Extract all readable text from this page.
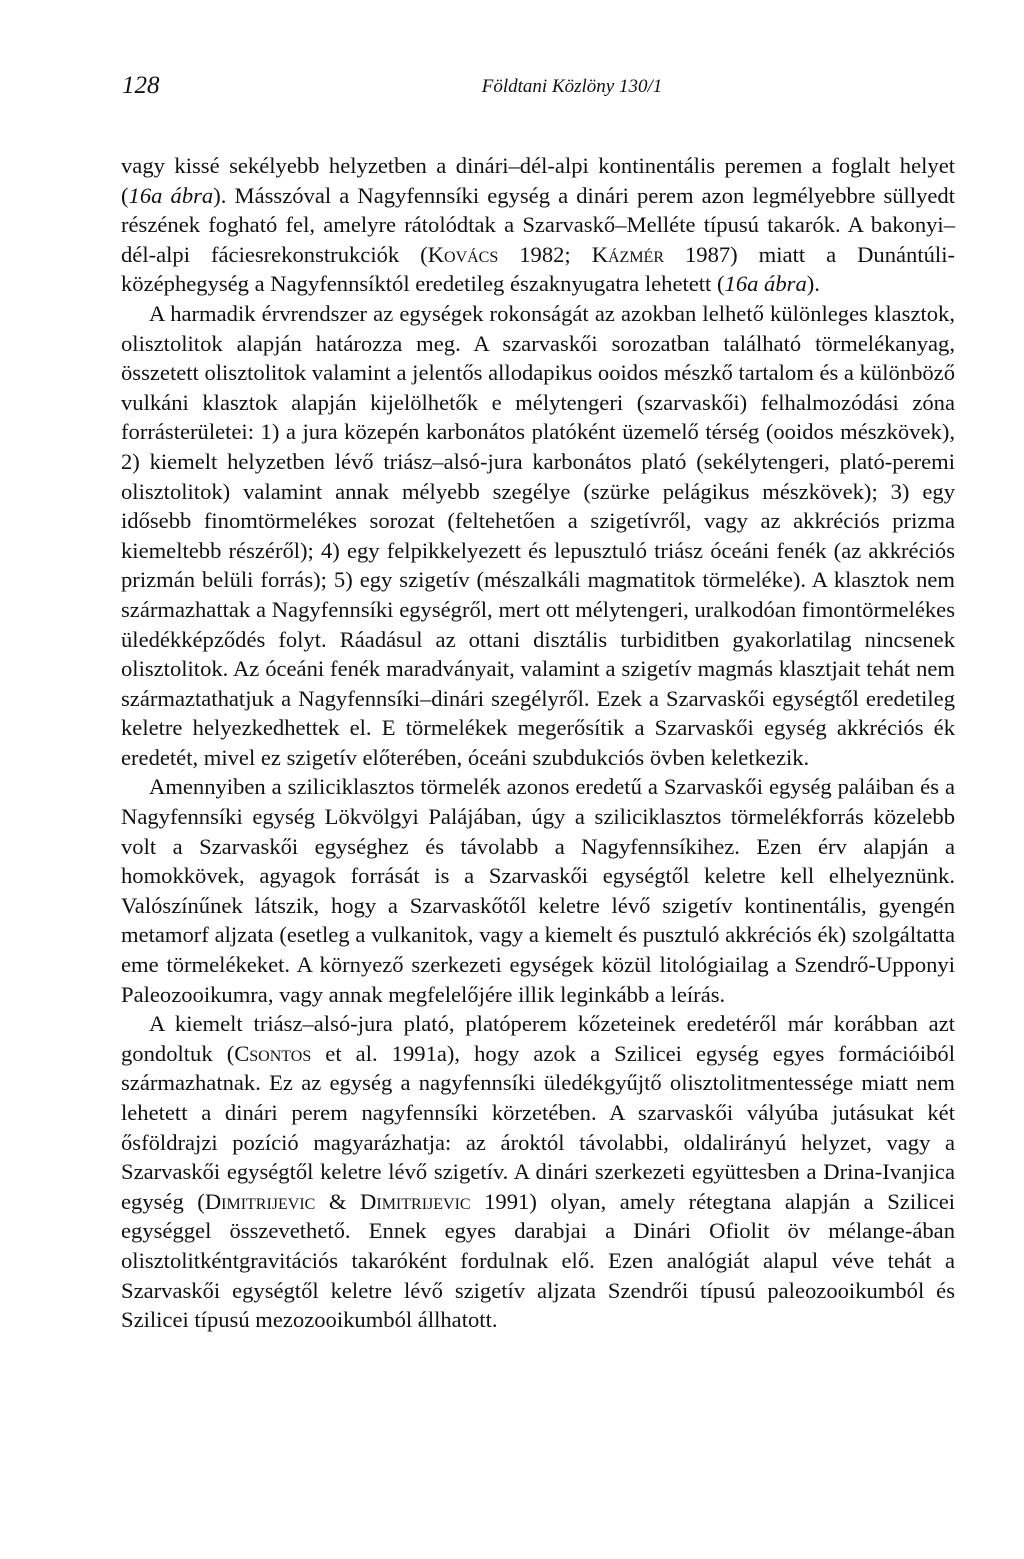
128	Földtani Közlöny 130/1

vagy kissé sekélyebb helyzetben a dinári–dél-alpi kontinentális peremen a foglalt helyet (16a ábra). Másszóval a Nagyfennsíki egység a dinári perem azon legmélyebbre süllyedt részének fogható fel, amelyre rátolódtak a Szarvaskő–Melléte típusú takarók. A bakonyi–dél-alpi fáciesrekonstrukciók (Kovács 1982; Kázmér 1987) miatt a Dunántúli-középhegység a Nagyfennsíktól eredetileg északnyugatra lehetett (16a ábra).

A harmadik érvrendszer az egységek rokonságát az azokban lelhető különleges klasztok, olisztolitok alapján határozza meg. A szarvaskői sorozatban található törmelékanyag, összetett olisztolitok valamint a jelentős allodapikus ooidos mészkő tartalom és a különböző vulkáni klasztok alapján kijelölhetők e mélytengeri (szarvaskői) felhalmozódási zóna forrásterületei: 1) a jura közepén karbonátos platóként üzemelő térség (ooidos mészkövek), 2) kiemelt helyzetben lévő triász–alsó-jura karbonátos plató (sekélytengeri, plató-peremi olisztolitok) valamint annak mélyebb szegélye (szürke pelágikus mészkövek); 3) egy idősebb finomtörmelékes sorozat (feltehetően a szigetívről, vagy az akkréciós prizma kiemeltebb részéről); 4) egy felpikkelyezett és lepusztuló triász óceáni fenék (az akkréciós prizmán belüli forrás); 5) egy szigetív (mészalkáli magmatitok törmeléke). A klasztok nem származhattak a Nagyfennsíki egységről, mert ott mélytengeri, uralkodóan fimontörmelékes üledékképződés folyt. Ráadásul az ottani disztális turbiditben gyakorlatilag nincsenek olisztolitok. Az óceáni fenék maradványait, valamint a szigetív magmás klasztjait tehát nem származtathatjuk a Nagyfennsíki–dinári szegélyről. Ezek a Szarvaskői egységtől eredetileg keletre helyezkedhettek el. E törmelékek megerősítik a Szarvaskői egység akkréciós ék eredetét, mivel ez szigetív előterében, óceáni szubdukciós övben keletkezik.

Amennyiben a sziliciklasztos törmelék azonos eredetű a Szarvaskői egység paláiban és a Nagyfennsíki egység Lökvölgyi Palájában, úgy a sziliciklasztos törmelékforrás közelebb volt a Szarvaskői egységhez és távolabb a Nagyfennsíkihez. Ezen érv alapján a homokkövek, agyagok forrását is a Szarvaskői egységtől keletre kell elhelyeznünk. Valószínűnek látszik, hogy a Szarvaskőtől keletre lévő szigetív kontinentális, gyengén metamorf aljzata (esetleg a vulkanitok, vagy a kiemelt és pusztuló akkréciós ék) szolgáltatta eme törmelékeket. A környező szerkezeti egységek közül litológiailag a Szendrő-Upponyi Paleozooikumra, vagy annak megfelelőjére illik leginkább a leírás.

A kiemelt triász–alsó-jura plató, platóperem kőzeteinek eredetéről már korábban azt gondoltuk (Csontos et al. 1991a), hogy azok a Szilicei egység egyes formációiból származhatnak. Ez az egység a nagyfennsíki üledékgyűjtő olisztolitmentessége miatt nem lehetett a dinári perem nagyfennsíki körzetében. A szarvaskői vályúba jutásukat két ősföldrajzi pozíció magyarázhatja: az ároktól távolabbi, oldalirányú helyzet, vagy a Szarvaskői egységtől keletre lévő szigetív. A dinári szerkezeti együttesben a Drina-Ivanjica egység (Dimitrijevic & Dimitrijevic 1991) olyan, amely rétegtana alapján a Szilicei egységgel összevethető. Ennek egyes darabjai a Dinári Ofiolit öv mélange-ában olisztolitkéntgravitációs takaróként fordulnak elő. Ezen analógiát alapul véve tehát a Szarvaskői egységtől keletre lévő szigetív aljzata Szendrői típusú paleozooikumból és Szilicei típusú mezozooikumból állhatott.
